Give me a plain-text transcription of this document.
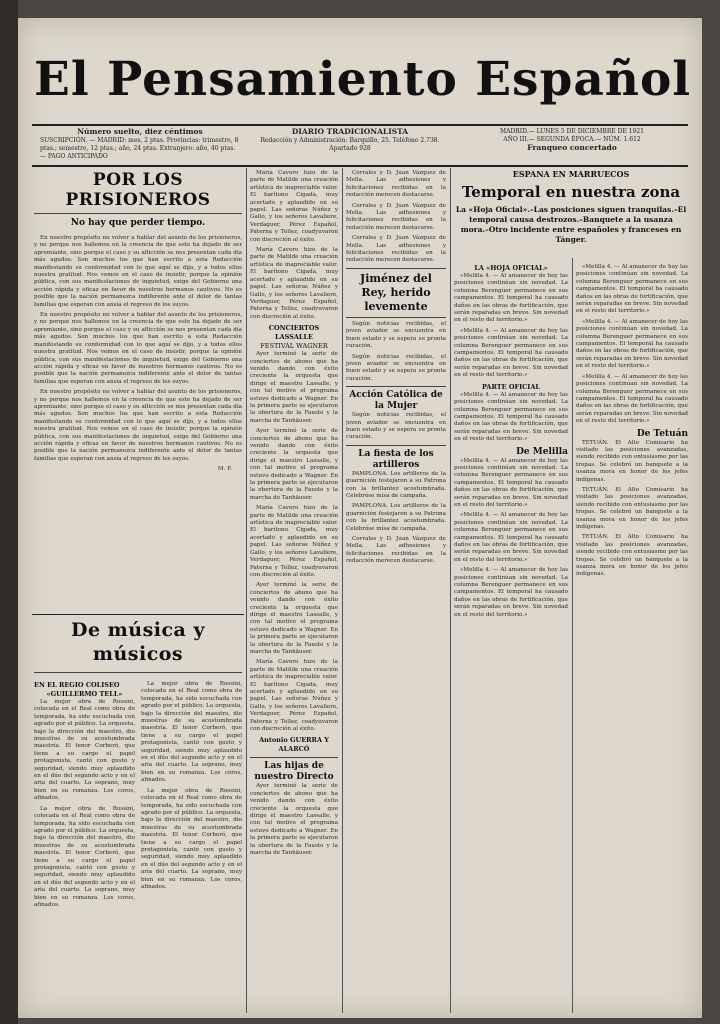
El Pensamiento Español
Número suelto, diez céntimos
SUSCRIPCIÓN. — MADRID: mes, 2 ptas. Provincias: trimestre, 8 ptas.; semestre, 12 ptas.; año, 24 ptas. Extranjero: año, 40 ptas. — PAGO ANTICIPADO
DIARIO TRADICIONALISTA
Redacción y Administración: Barquillo, 25. Teléfono 2.738. Apartado 928
MADRID.— LUNES 5 DE DICIEMBRE DE 1921
AÑO III.— SEGUNDA ÉPOCA.— NÚM. 1.612
Franqueo concertado
POR LOS PRISIONEROS
No hay que perder tiempo.

En nuestro propósito no volver a hablar del asunto de los prisioneros, y no porque nos hallemos en la creencia de que este ha dejado de ser apremiante, sino porque el caso y su aflicción se nos presentan cada día más agudos. Son muchos los que han escrito a esta Redacción manifestando su conformidad con lo que aquí se dijo, y a todos ellos nuestra gratitud. Nos vemos en el caso de insistir, porque la opinión pública, con sus manifestaciones de inquietud, exige del Gobierno una acción rápida y eficaz en favor de nuestros hermanos cautivos. No es posible que la nación permanezca indiferente ante el dolor de tantas familias que esperan con ansia el regreso de los suyos.

En nuestro propósito no volver a hablar del asunto de los prisioneros, y no porque nos hallemos en la creencia de que este ha dejado de ser apremiante, sino porque el caso y su aflicción se nos presentan cada día más agudos. Son muchos los que han escrito a esta Redacción manifestando su conformidad con lo que aquí se dijo, y a todos ellos nuestra gratitud. Nos vemos en el caso de insistir, porque la opinión pública, con sus manifestaciones de inquietud, exige del Gobierno una acción rápida y eficaz en favor de nuestros hermanos cautivos. No es posible que la nación permanezca indiferente ante el dolor de tantas familias que esperan con ansia el regreso de los suyos.

En nuestro propósito no volver a hablar del asunto de los prisioneros, y no porque nos hallemos en la creencia de que este ha dejado de ser apremiante, sino porque el caso y su aflicción se nos presentan cada día más agudos. Son muchos los que han escrito a esta Redacción manifestando su conformidad con lo que aquí se dijo, y a todos ellos nuestra gratitud. Nos vemos en el caso de insistir, porque la opinión pública, con sus manifestaciones de inquietud, exige del Gobierno una acción rápida y eficaz en favor de nuestros hermanos cautivos. No es posible que la nación permanezca indiferente ante el dolor de tantas familias que esperan con ansia el regreso de los suyos.

M. F.
De música y músicos
EN EL REGIO COLISEO
«GUILLERMO TELL»

La mejor obra de Rossini, colocada en el Real como obra de temporada, ha sido escuchada con agrado por el público. La orquesta, bajo la dirección del maestro, dio muestras de su acostumbrada maestría. El tenor Corberó, que tiene a su cargo el papel protagonista, cantó con gusto y seguridad, siendo muy aplaudido en el dúo del segundo acto y en el aria del cuarto. La soprano, muy bien en su romanza. Los coros, afinados.

La mejor obra de Rossini, colocada en el Real como obra de temporada, ha sido escuchada con agrado por el público. La orquesta, bajo la dirección del maestro, dio muestras de su acostumbrada maestría. El tenor Corberó, que tiene a su cargo el papel protagonista, cantó con gusto y seguridad, siendo muy aplaudido en el dúo del segundo acto y en el aria del cuarto. La soprano, muy bien en su romanza. Los coros, afinados.

La mejor obra de Rossini, colocada en el Real como obra de temporada, ha sido escuchada con agrado por el público. La orquesta, bajo la dirección del maestro, dio muestras de su acostumbrada maestría. El tenor Corberó, que tiene a su cargo el papel protagonista, cantó con gusto y seguridad, siendo muy aplaudido en el dúo del segundo acto y en el aria del cuarto. La soprano, muy bien en su romanza. Los coros, afinados.

La mejor obra de Rossini, colocada en el Real como obra de temporada, ha sido escuchada con agrado por el público. La orquesta, bajo la dirección del maestro, dio muestras de su acostumbrada maestría. El tenor Corberó, que tiene a su cargo el papel protagonista, cantó con gusto y seguridad, siendo muy aplaudido en el dúo del segundo acto y en el aria del cuarto. La soprano, muy bien en su romanza. Los coros, afinados.

María Cavero hizo de la parte de Matilde una creación artística de inapreciable valor. El barítono Cigada, muy acertado y aplaudido en su papel. Las señoras Núñez y Gallo, y los señores Lavaliere, Verdaguer, Pérez Español, Paterna y Tellez, coadyuvaron con discreción al éxito.

María Cavero hizo de la parte de Matilde una creación artística de inapreciable valor. El barítono Cigada, muy acertado y aplaudido en su papel. Las señoras Núñez y Gallo, y los señores Lavaliere, Verdaguer, Pérez Español, Paterna y Tellez, coadyuvaron con discreción al éxito.

CONCIERTOS LASSALLE
FESTIVAL WAGNER

Ayer terminó la serie de conciertos de abono que ha venido dando con éxito creciente la orquesta que dirige el maestro Lassalle, y con tal motivo el programa estuvo dedicado a Wagner. En la primera parte se ejecutaron la obertura de la Fausto y la marcha de Tanhäuser.

Ayer terminó la serie de conciertos de abono que ha venido dando con éxito creciente la orquesta que dirige el maestro Lassalle, y con tal motivo el programa estuvo dedicado a Wagner. En la primera parte se ejecutaron la obertura de la Fausto y la marcha de Tanhäuser.

María Cavero hizo de la parte de Matilde una creación artística de inapreciable valor. El barítono Cigada, muy acertado y aplaudido en su papel. Las señoras Núñez y Gallo, y los señores Lavaliere, Verdaguer, Pérez Español, Paterna y Tellez, coadyuvaron con discreción al éxito.

Ayer terminó la serie de conciertos de abono que ha venido dando con éxito creciente la orquesta que dirige el maestro Lassalle, y con tal motivo el programa estuvo dedicado a Wagner. En la primera parte se ejecutaron la obertura de la Fausto y la marcha de Tanhäuser.

María Cavero hizo de la parte de Matilde una creación artística de inapreciable valor. El barítono Cigada, muy acertado y aplaudido en su papel. Las señoras Núñez y Gallo, y los señores Lavaliere, Verdaguer, Pérez Español, Paterna y Tellez, coadyuvaron con discreción al éxito.

Antonio GUERRA Y ALARCÓ
Las hijas de nuestro Directo

Ayer terminó la serie de conciertos de abono que ha venido dando con éxito creciente la orquesta que dirige el maestro Lassalle, y con tal motivo el programa estuvo dedicado a Wagner. En la primera parte se ejecutaron la obertura de la Fausto y la marcha de Tanhäuser.

Corrales y D. Juan Vázquez de Mella. Las adhesiones y felicitaciones recibidas en la redacción merecen destacarse.

Corrales y D. Juan Vázquez de Mella. Las adhesiones y felicitaciones recibidas en la redacción merecen destacarse.

Corrales y D. Juan Vázquez de Mella. Las adhesiones y felicitaciones recibidas en la redacción merecen destacarse.

Jiménez del Rey, herido levemente

Según noticias recibidas, el joven aviador se encuentra en buen estado y se espera su pronta curación.

Según noticias recibidas, el joven aviador se encuentra en buen estado y se espera su pronta curación.

Acción Católica de la Mujer

Según noticias recibidas, el joven aviador se encuentra en buen estado y se espera su pronta curación.

La fiesta de los artilleros

PAMPLONA. Los artilleros de la guarnición festejaron a su Patrona con la brillantez acostumbrada. Celebróse misa de campaña.

PAMPLONA. Los artilleros de la guarnición festejaron a su Patrona con la brillantez acostumbrada. Celebróse misa de campaña.

Corrales y D. Juan Vázquez de Mella. Las adhesiones y felicitaciones recibidas en la redacción merecen destacarse.

ESPAÑA EN MARRUECOS
Temporal en nuestra zona
La «Hoja Oficial».–Las posiciones siguen tranquilas.–El temporal causa destrozos.–Banquete a la usanza mora.–Otro incidente entre españoles y franceses en Tánger.
LA «HOJA OFICIAL»

«Melilla 4. — Al amanecer de hoy las posiciones continúan sin novedad. La columna Berenguer permanece en sus campamentos. El temporal ha causado daños en las obras de fortificación, que serán reparadas en breve. Sin novedad en el resto del territorio.»

«Melilla 4. — Al amanecer de hoy las posiciones continúan sin novedad. La columna Berenguer permanece en sus campamentos. El temporal ha causado daños en las obras de fortificación, que serán reparadas en breve. Sin novedad en el resto del territorio.»

PARTE OFICIAL

«Melilla 4. — Al amanecer de hoy las posiciones continúan sin novedad. La columna Berenguer permanece en sus campamentos. El temporal ha causado daños en las obras de fortificación, que serán reparadas en breve. Sin novedad en el resto del territorio.»

De Melilla

«Melilla 4. — Al amanecer de hoy las posiciones continúan sin novedad. La columna Berenguer permanece en sus campamentos. El temporal ha causado daños en las obras de fortificación, que serán reparadas en breve. Sin novedad en el resto del territorio.»

«Melilla 4. — Al amanecer de hoy las posiciones continúan sin novedad. La columna Berenguer permanece en sus campamentos. El temporal ha causado daños en las obras de fortificación, que serán reparadas en breve. Sin novedad en el resto del territorio.»

«Melilla 4. — Al amanecer de hoy las posiciones continúan sin novedad. La columna Berenguer permanece en sus campamentos. El temporal ha causado daños en las obras de fortificación, que serán reparadas en breve. Sin novedad en el resto del territorio.»

«Melilla 4. — Al amanecer de hoy las posiciones continúan sin novedad. La columna Berenguer permanece en sus campamentos. El temporal ha causado daños en las obras de fortificación, que serán reparadas en breve. Sin novedad en el resto del territorio.»

«Melilla 4. — Al amanecer de hoy las posiciones continúan sin novedad. La columna Berenguer permanece en sus campamentos. El temporal ha causado daños en las obras de fortificación, que serán reparadas en breve. Sin novedad en el resto del territorio.»

«Melilla 4. — Al amanecer de hoy las posiciones continúan sin novedad. La columna Berenguer permanece en sus campamentos. El temporal ha causado daños en las obras de fortificación, que serán reparadas en breve. Sin novedad en el resto del territorio.»

De Tetuán

TETUÁN. El Alto Comisario ha visitado las posiciones avanzadas, siendo recibido con entusiasmo por las tropas. Se celebró un banquete a la usanza mora en honor de los jefes indígenas.

TETUÁN. El Alto Comisario ha visitado las posiciones avanzadas, siendo recibido con entusiasmo por las tropas. Se celebró un banquete a la usanza mora en honor de los jefes indígenas.

TETUÁN. El Alto Comisario ha visitado las posiciones avanzadas, siendo recibido con entusiasmo por las tropas. Se celebró un banquete a la usanza mora en honor de los jefes indígenas.
